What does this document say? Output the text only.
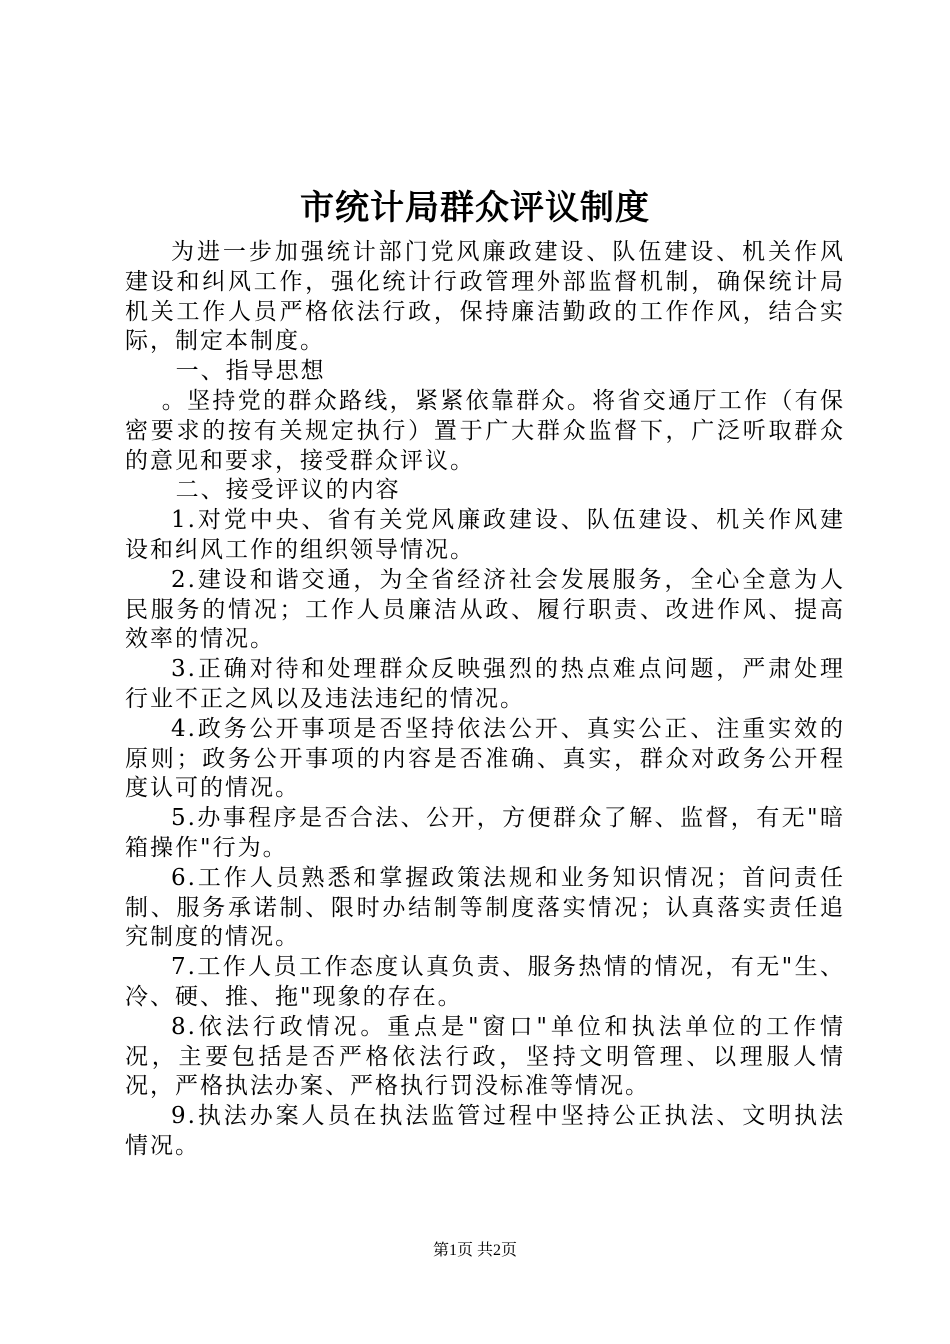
市统计局群众评议制度

为进一步加强统计部门党风廉政建设、队伍建设、机关作风建设和纠风工作，强化统计行政管理外部监督机制，确保统计局机关工作人员严格依法行政，保持廉洁勤政的工作作风，结合实际，制定本制度。

一、指导思想

。坚持党的群众路线，紧紧依靠群众。将省交通厅工作（有保密要求的按有关规定执行）置于广大群众监督下，广泛听取群众的意见和要求，接受群众评议。

二、接受评议的内容

1.对党中央、省有关党风廉政建设、队伍建设、机关作风建设和纠风工作的组织领导情况。

2.建设和谐交通，为全省经济社会发展服务，全心全意为人民服务的情况；工作人员廉洁从政、履行职责、改进作风、提高效率的情况。

3.正确对待和处理群众反映强烈的热点难点问题，严肃处理行业不正之风以及违法违纪的情况。

4.政务公开事项是否坚持依法公开、真实公正、注重实效的原则；政务公开事项的内容是否准确、真实，群众对政务公开程度认可的情况。

5.办事程序是否合法、公开，方便群众了解、监督，有无"暗箱操作"行为。

6.工作人员熟悉和掌握政策法规和业务知识情况；首问责任制、服务承诺制、限时办结制等制度落实情况；认真落实责任追究制度的情况。

7.工作人员工作态度认真负责、服务热情的情况，有无"生、冷、硬、推、拖"现象的存在。

8.依法行政情况。重点是"窗口"单位和执法单位的工作情况，主要包括是否严格依法行政，坚持文明管理、以理服人情况，严格执法办案、严格执行罚没标准等情况。

9.执法办案人员在执法监管过程中坚持公正执法、文明执法情况。

第1页 共2页
